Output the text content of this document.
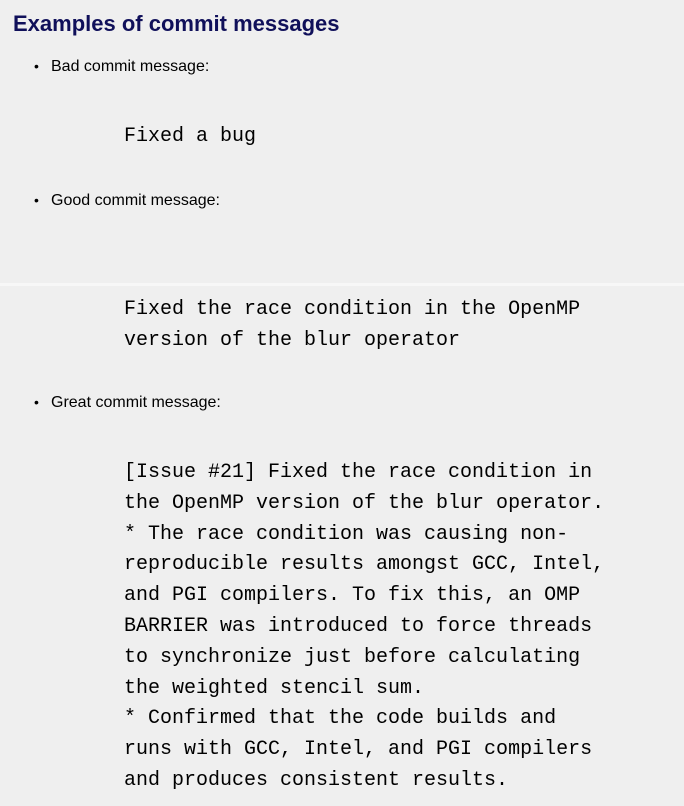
Examples of commit messages
• Bad commit message:
Fixed a bug
• Good commit message:
Fixed the race condition in the OpenMP
version of the blur operator
• Great commit message:
[Issue #21] Fixed the race condition in
the OpenMP version of the blur operator.
* The race condition was causing non-
reproducible results amongst GCC, Intel,
and PGI compilers. To fix this, an OMP
BARRIER was introduced to force threads
to synchronize just before calculating
the weighted stencil sum.
* Confirmed that the code builds and
runs with GCC, Intel, and PGI compilers
and produces consistent results.
